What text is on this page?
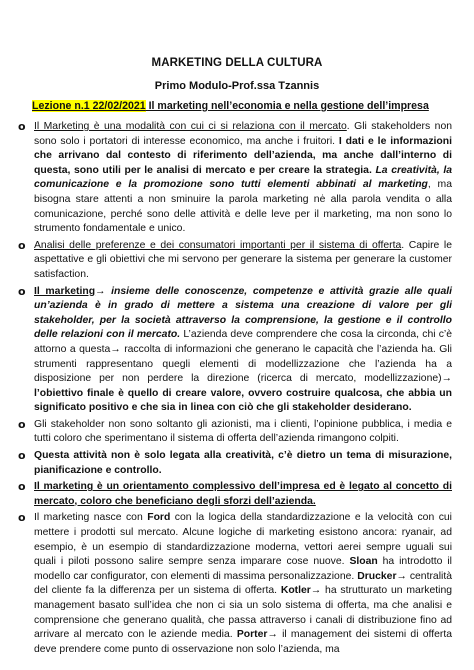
MARKETING DELLA CULTURA
Primo Modulo-Prof.ssa Tzannis
Lezione n.1 22/02/2021 Il marketing nell’economia e nella gestione dell’impresa
o Il Marketing è una modalità con cui ci si relaziona con il mercato. Gli stakeholders non sono solo i portatori di interesse economico, ma anche i fruitori. I dati e le informazioni che arrivano dal contesto di riferimento dell’azienda, ma anche dall’interno di questa, sono utili per le analisi di mercato e per creare la strategia. La creatività, la comunicazione e la promozione sono tutti elementi abbinati al marketing, ma bisogna stare attenti a non sminuire la parola marketing nė alla parola vendita o alla comunicazione, perché sono delle attività e delle leve per il marketing, ma non sono lo strumento fondamentale e unico.
o Analisi delle preferenze e dei consumatori importanti per il sistema di offerta. Capire le aspettative e gli obiettivi che mi servono per generare la sistema per generare la customer satisfaction.
o Il marketing→ insieme delle conoscenze, competenze e attività grazie alle quali un’azienda è in grado di mettere a sistema una creazione di valore per gli stakeholder, per la società attraverso la comprensione, la gestione e il controllo delle relazioni con il mercato. L’azienda deve comprendere che cosa la circonda, chi c’è attorno a questa→ raccolta di informazioni che generano le capacità che l’azienda ha. Gli strumenti rappresentano quegli elementi di modellizzazione che l’azienda ha a disposizione per non perdere la direzione (ricerca di mercato, modellizzazione)→ l’obiettivo finale è quello di creare valore, ovvero costruire qualcosa, che abbia un significato positivo e che sia in linea con ciò che gli stakeholder desiderano.
o Gli stakeholder non sono soltanto gli azionisti, ma i clienti, l’opinione pubblica, i media e tutti coloro che sperimentano il sistema di offerta dell’azienda rimangono colpiti.
o Questa attività non è solo legata alla creatività, c’è dietro un tema di misurazione, pianificazione e controllo.
o Il marketing è un orientamento complessivo dell’impresa ed è legato al concetto di mercato, coloro che beneficiano degli sforzi dell’azienda.
o Il marketing nasce con Ford con la logica della standardizzazione e la velocità con cui mettere i prodotti sul mercato. Alcune logiche di marketing esistono ancora: ryanair, ad esempio, è un esempio di standardizzazione moderna, vettori aerei sempre uguali sui quali i piloti possono salire sempre senza imparare cose nuove. Sloan ha introdotto il modello car configurator, con elementi di massima personalizzazione. Drucker→ centralità del cliente fa la differenza per un sistema di offerta. Kotler→ ha strutturato un marketing management basato sull’idea che non ci sia un solo sistema di offerta, ma che analisi e comprensione che generano qualità, che passa attraverso i canali di distribuzione fino ad arrivare al mercato con le aziende media. Porter→ il management dei sistemi di offerta deve prendere come punto di osservazione non solo l’azienda, ma
